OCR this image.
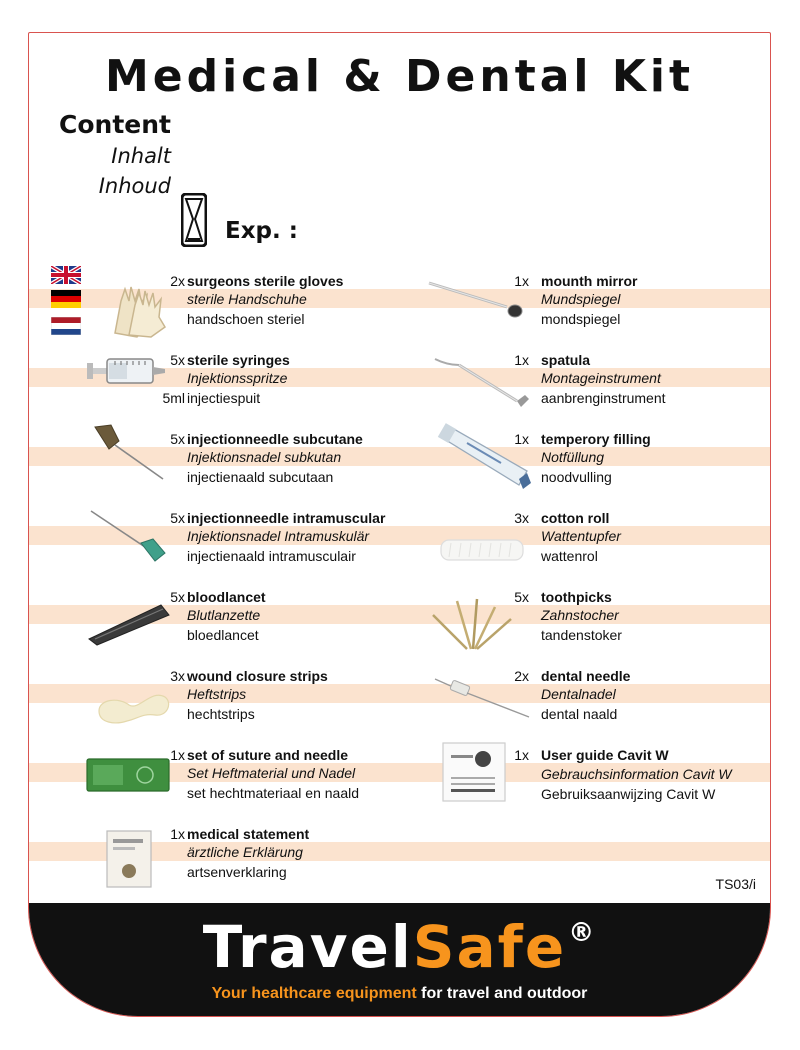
Medical & Dental Kit
Content
Inhalt
Inhoud
Exp. :
2x surgeons sterile gloves
sterile Handschuhe
handschoen steriel
5x
5ml
sterile syringes
Injektionsspritze
injectiespuit
5x injectionneedle subcutane
Injektionsnadel subkutan
injectienaald subcutaan
5x injectionneedle intramuscular
Injektionsnadel Intramuskulär
injectienaald intramusculair
5x bloodlancet
Blutlanzette
bloedlancet
3x wound closure strips
Heftstrips
hechtstrips
1x set of suture and needle
Set Heftmaterial und Nadel
set hechtmateriaal en naald
1x medical statement
ärztliche Erklärung
artsenverklaring
1x mounth mirror
Mundspiegel
mondspiegel
1x spatula
Montageinstrument
aanbrenginstrument
1x temperory filling
Notfüllung
noodvulling
3x cotton roll
Wattentupfer
wattenrol
5x toothpicks
Zahnstocher
tandenstoker
2x dental needle
Dentalnadel
dental naald
1x User guide Cavit W
Gebrauchsinformation Cavit W
Gebruiksaanwijzing Cavit W
TS03/i
TravelSafe®
Your healthcare equipment for travel and outdoor
